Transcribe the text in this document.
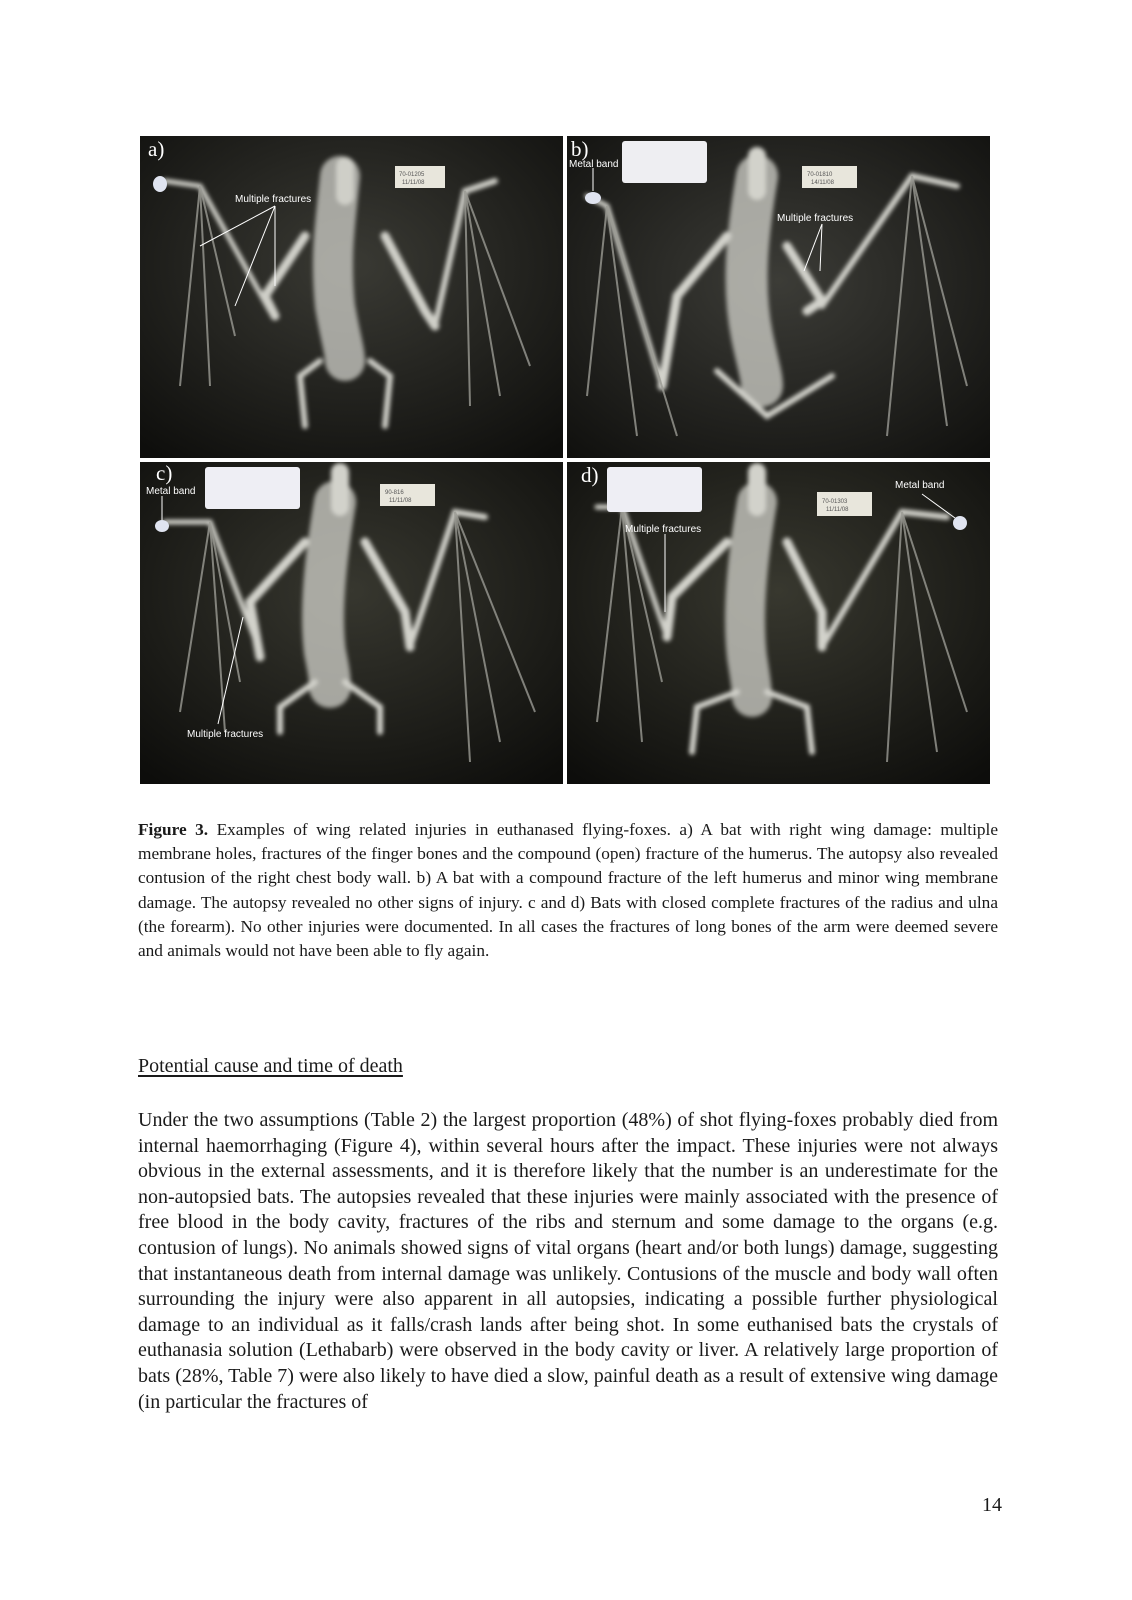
70-01205
11/11/08
a)
Multiple fractures
70-01810
14/11/08
b)
Metal band
Multiple fractures
90-816
11/11/08
c)
Metal band
Multiple fractures
70-01303
11/11/08
d)
Multiple fractures
Metal band

Figure 3. Examples of wing related injuries in euthanased flying-foxes. a) A bat with right wing damage: multiple membrane holes, fractures of the finger bones and the compound (open) fracture of the humerus. The autopsy also revealed contusion of the right chest body wall. b) A bat with a compound fracture of the left humerus and minor wing membrane damage. The autopsy revealed no other signs of injury. c and d) Bats with closed complete fractures of the radius and ulna (the forearm). No other injuries were documented. In all cases the fractures of long bones of the arm were deemed severe and animals would not have been able to fly again.

Potential cause and time of death

Under the two assumptions (Table 2) the largest proportion (48%) of shot flying-foxes probably died from internal haemorrhaging (Figure 4), within several hours after the impact. These injuries were not always obvious in the external assessments, and it is therefore likely that the number is an underestimate for the non-autopsied bats. The autopsies revealed that these injuries were mainly associated with the presence of free blood in the body cavity, fractures of the ribs and sternum and some damage to the organs (e.g. contusion of lungs). No animals showed signs of vital organs (heart and/or both lungs) damage, suggesting that instantaneous death from internal damage was unlikely. Contusions of the muscle and body wall often surrounding the injury were also apparent in all autopsies, indicating a possible further physiological damage to an individual as it falls/crash lands after being shot. In some euthanised bats the crystals of euthanasia solution (Lethabarb) were observed in the body cavity or liver. A relatively large proportion of bats (28%, Table 7) were also likely to have died a slow, painful death as a result of extensive wing damage (in particular the fractures of

14
